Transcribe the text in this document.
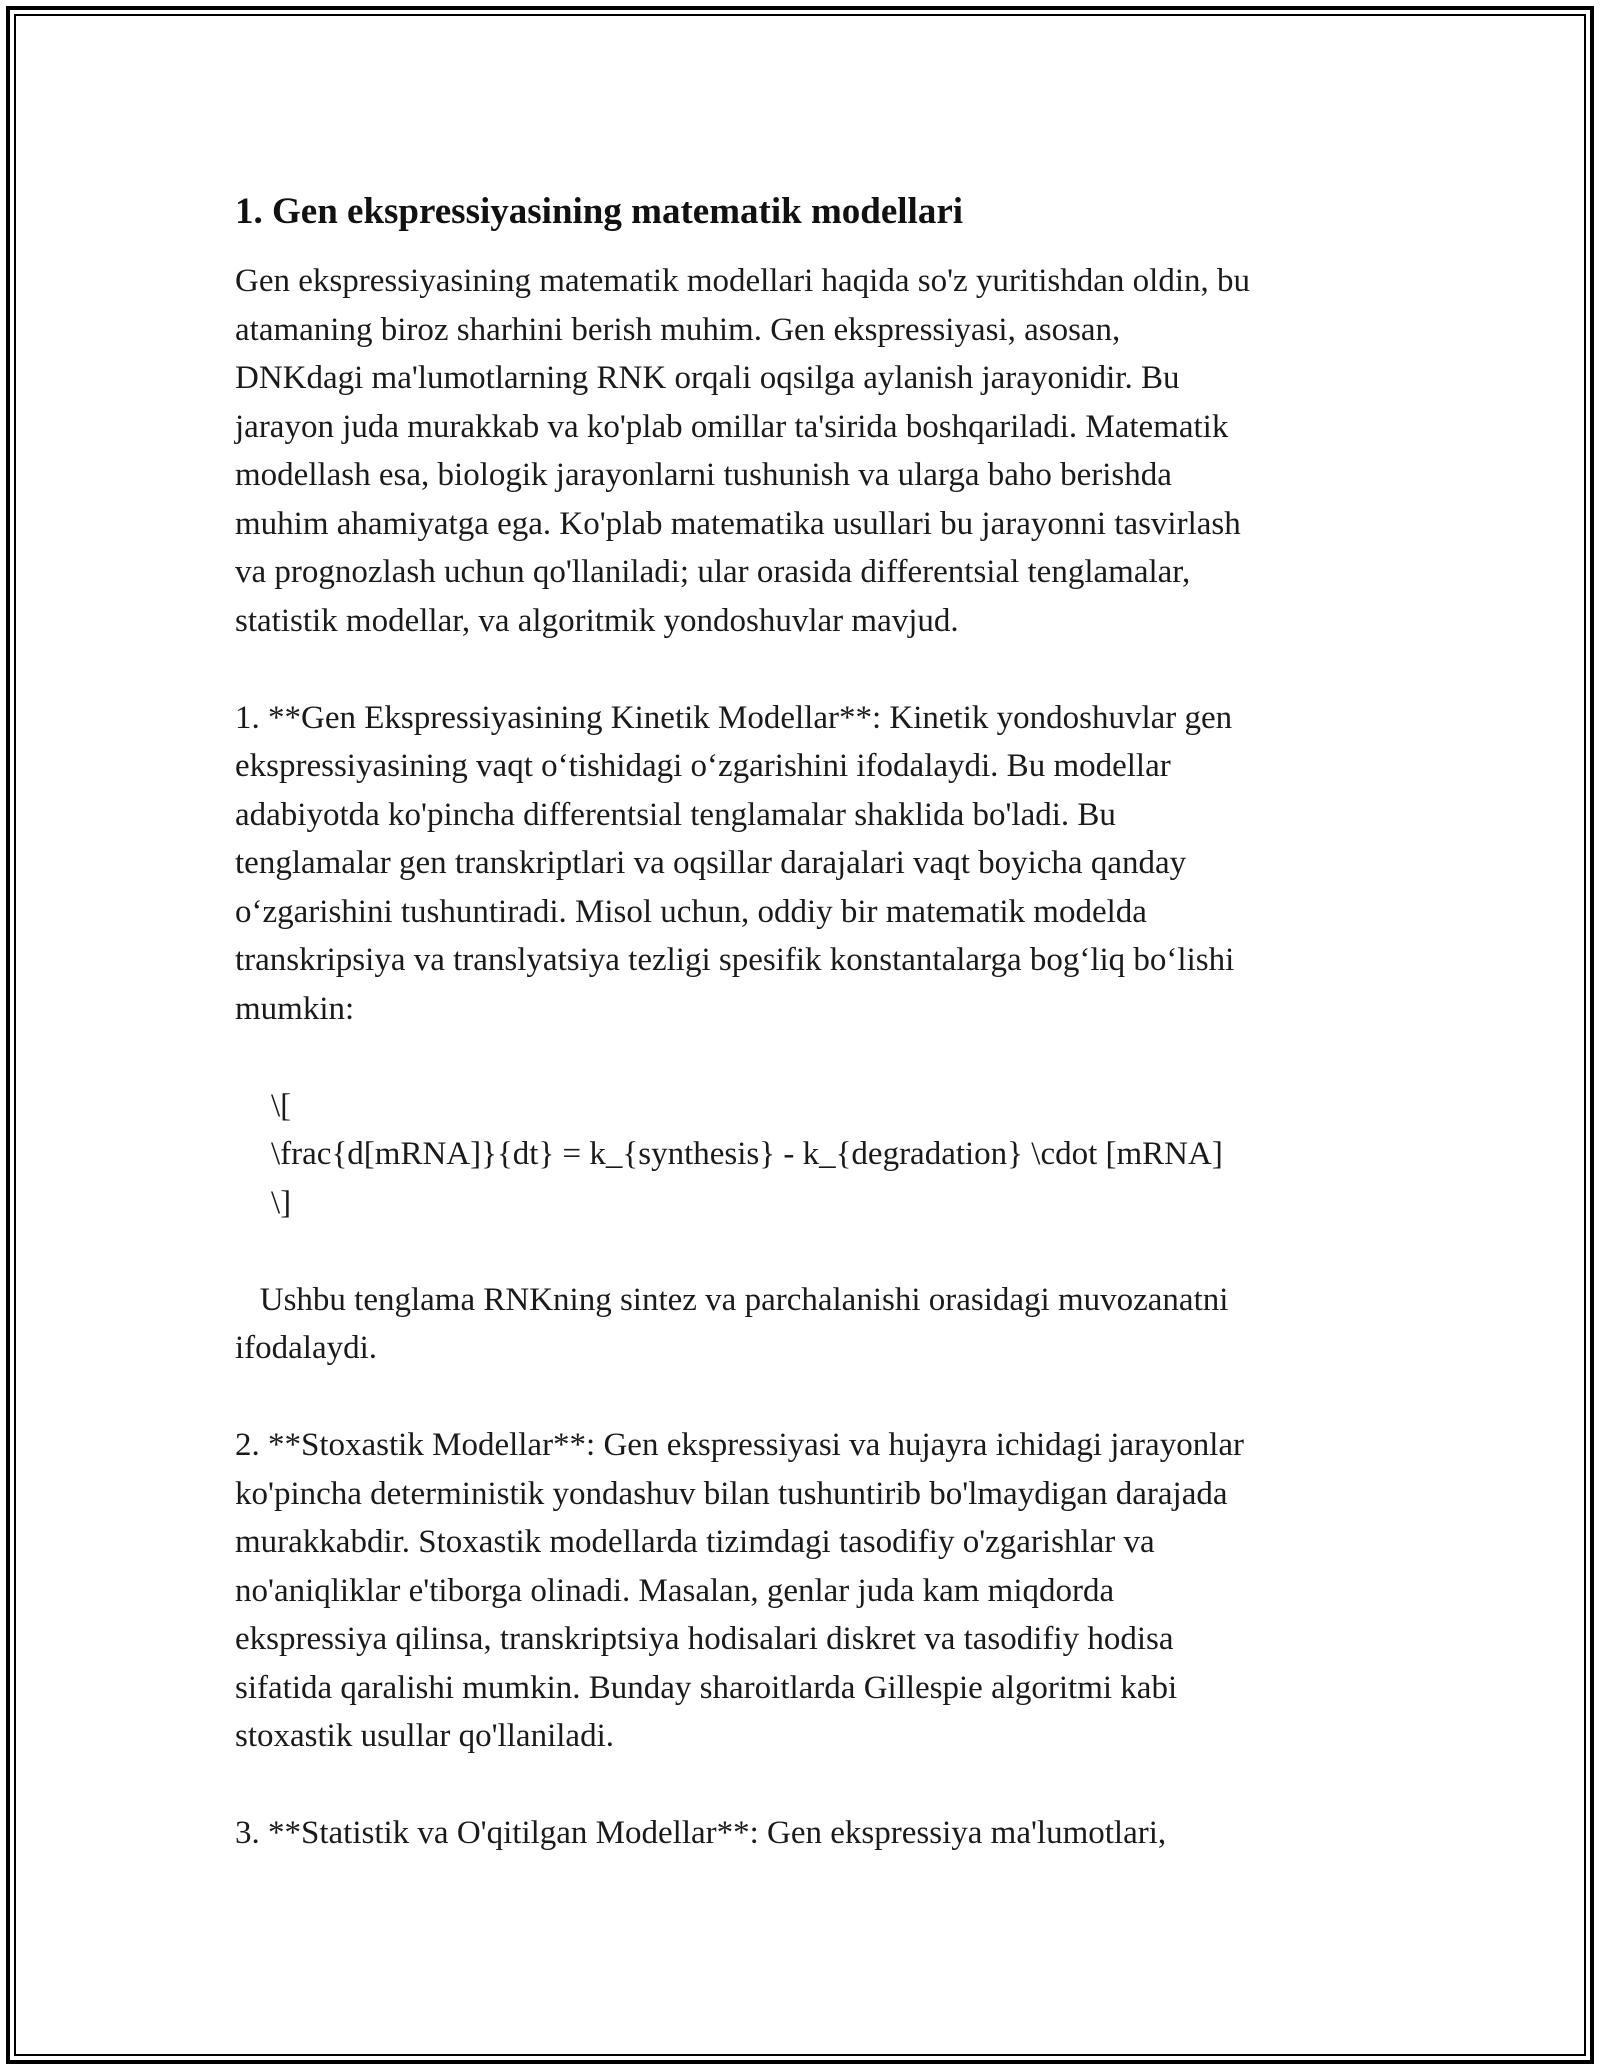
1. Gen ekspressiyasining matematik modellari

Gen ekspressiyasining matematik modellari haqida so'z yuritishdan oldin, bu
atamaning biroz sharhini berish muhim. Gen ekspressiyasi, asosan,
DNKdagi ma'lumotlarning RNK orqali oqsilga aylanish jarayonidir. Bu
jarayon juda murakkab va ko'plab omillar ta'sirida boshqariladi. Matematik
modellash esa, biologik jarayonlarni tushunish va ularga baho berishda
muhim ahamiyatga ega. Ko'plab matematika usullari bu jarayonni tasvirlash
va prognozlash uchun qo'llaniladi; ular orasida differentsial tenglamalar,
statistik modellar, va algoritmik yondoshuvlar mavjud.

1. **Gen Ekspressiyasining Kinetik Modellar**: Kinetik yondoshuvlar gen
ekspressiyasining vaqt o‘tishidagi o‘zgarishini ifodalaydi. Bu modellar
adabiyotda ko'pincha differentsial tenglamalar shaklida bo'ladi. Bu
tenglamalar gen transkriptlari va oqsillar darajalari vaqt boyicha qanday
o‘zgarishini tushuntiradi. Misol uchun, oddiy bir matematik modelda
transkripsiya va translyatsiya tezligi spesifik konstantalarga bog‘liq bo‘lishi
mumkin:

\[
\frac{d[mRNA]}{dt} = k_{synthesis} - k_{degradation} \cdot [mRNA]
\]

Ushbu tenglama RNKning sintez va parchalanishi orasidagi muvozanatni
ifodalaydi.

2. **Stoxastik Modellar**: Gen ekspressiyasi va hujayra ichidagi jarayonlar
ko'pincha deterministik yondashuv bilan tushuntirib bo'lmaydigan darajada
murakkabdir. Stoxastik modellarda tizimdagi tasodifiy o'zgarishlar va
no'aniqliklar e'tiborga olinadi. Masalan, genlar juda kam miqdorda
ekspressiya qilinsa, transkriptsiya hodisalari diskret va tasodifiy hodisa
sifatida qaralishi mumkin. Bunday sharoitlarda Gillespie algoritmi kabi
stoxastik usullar qo'llaniladi.

3. **Statistik va O'qitilgan Modellar**: Gen ekspressiya ma'lumotlari,
